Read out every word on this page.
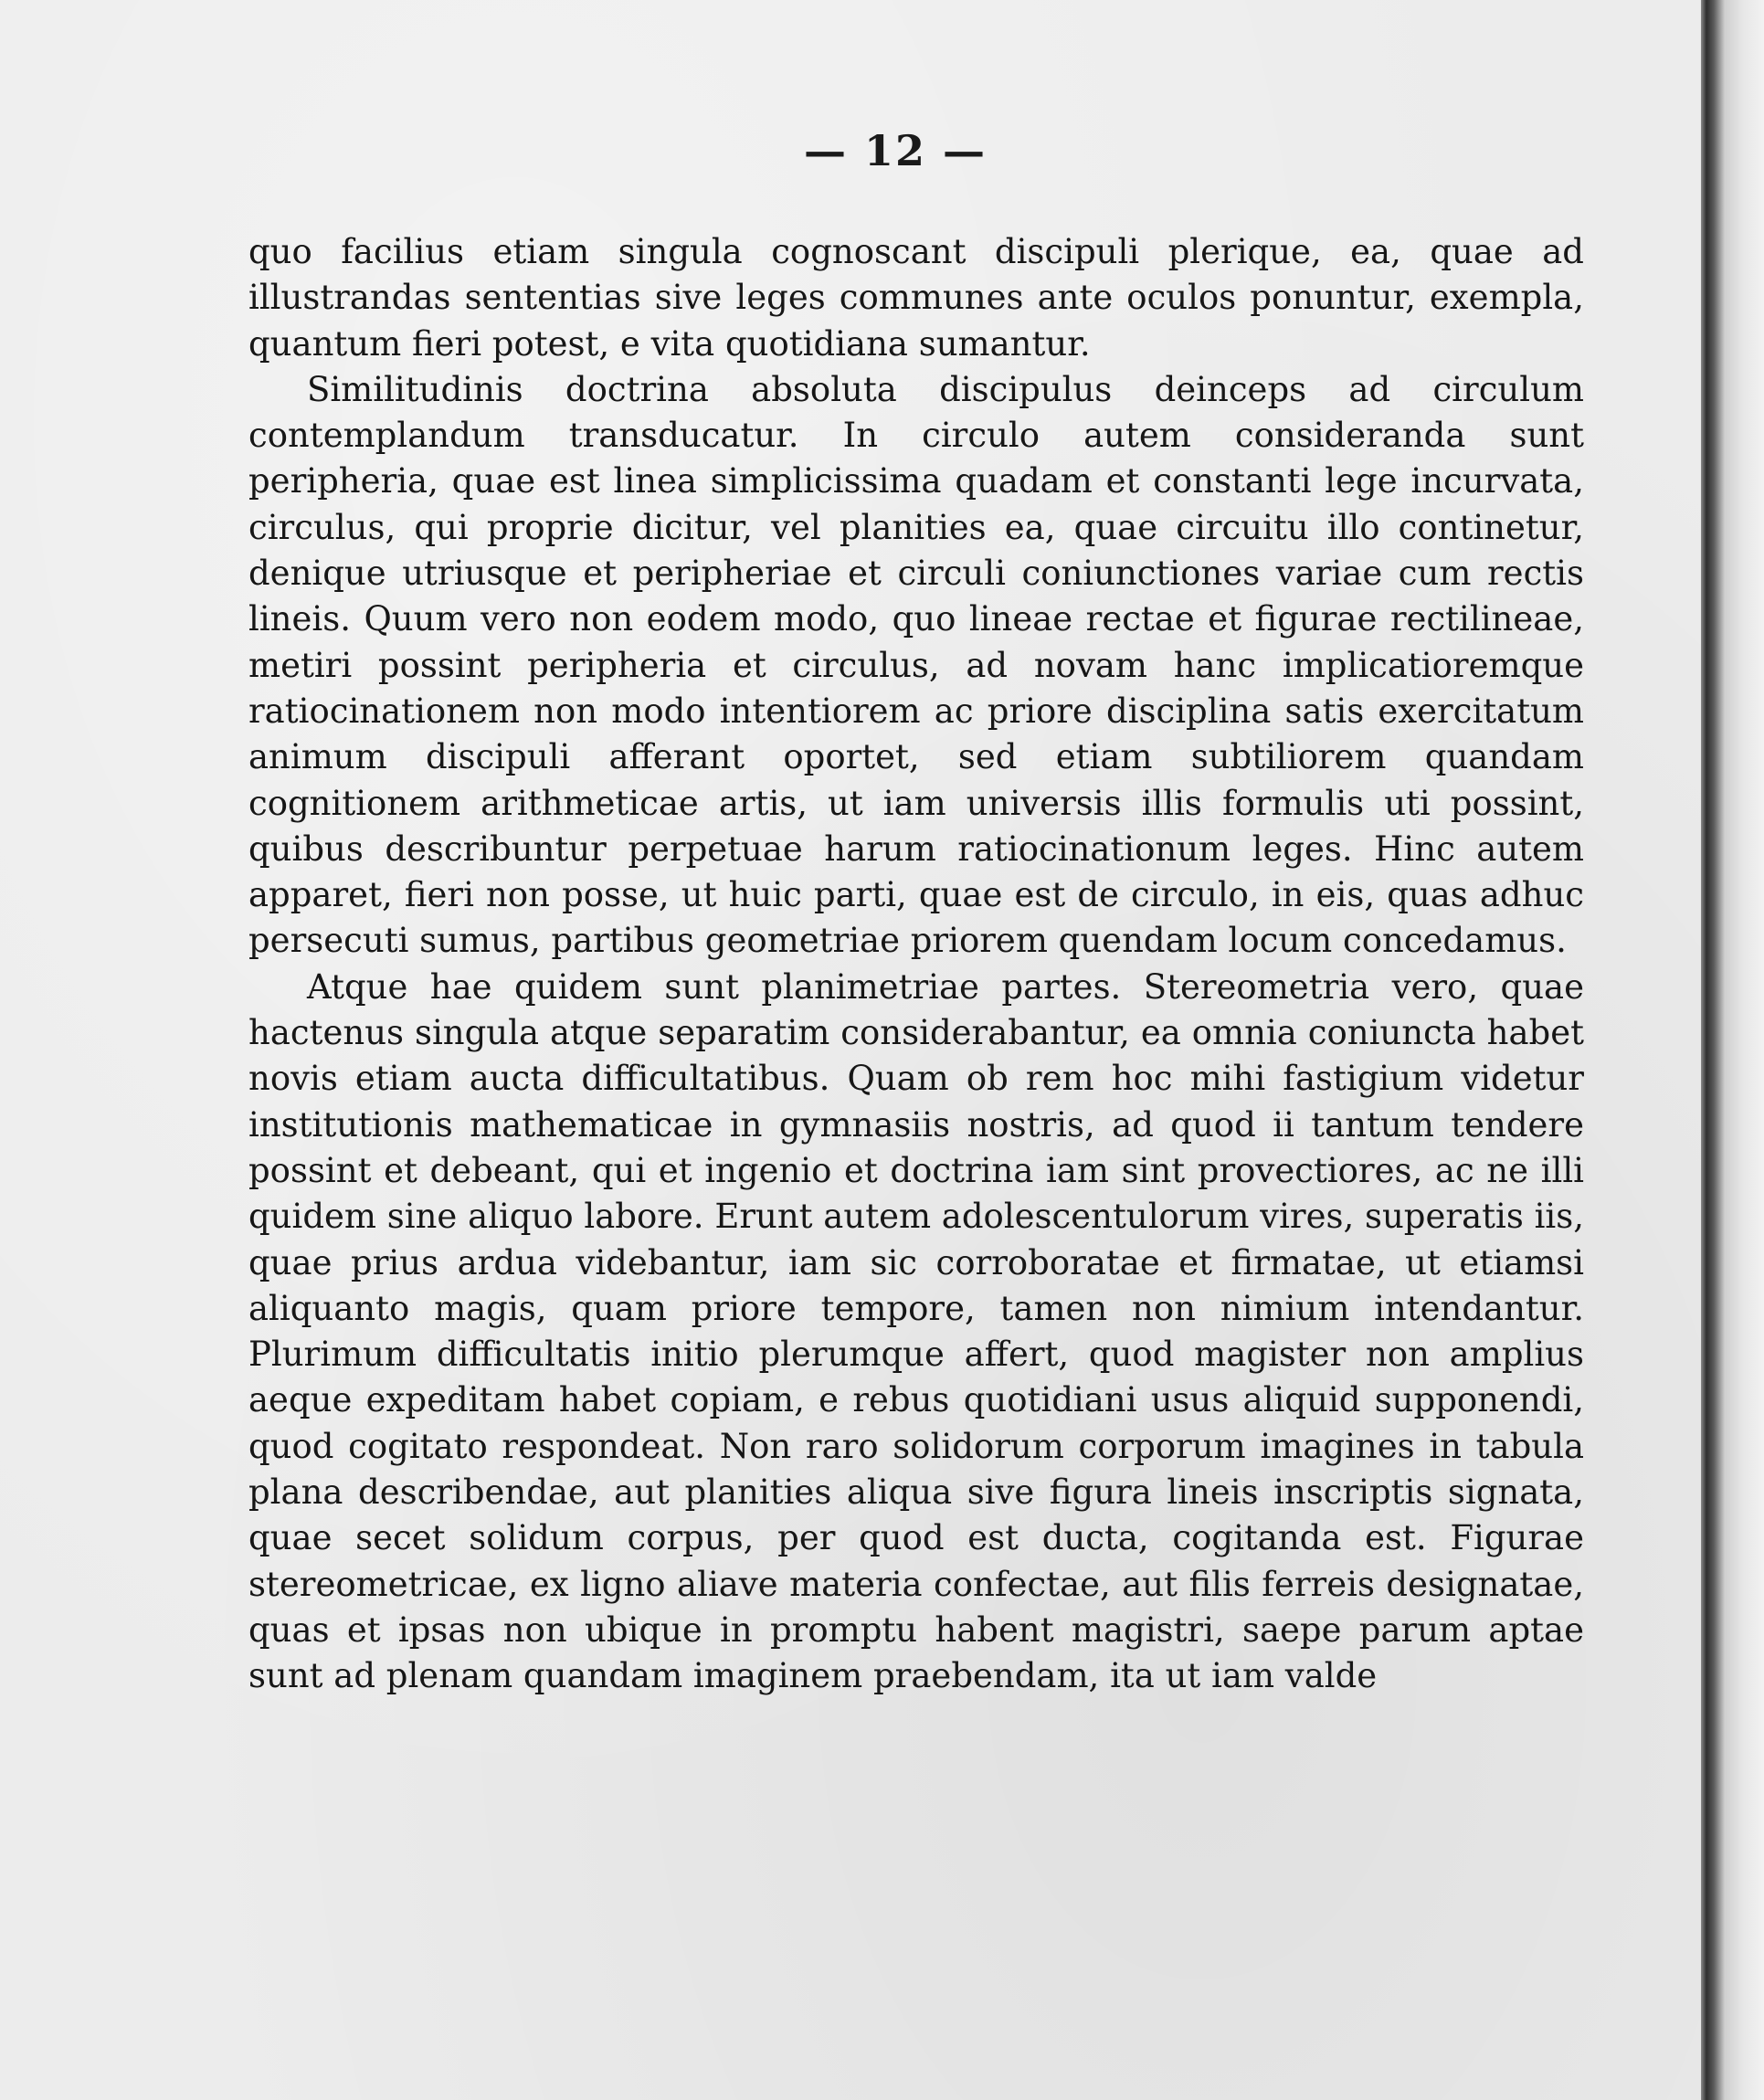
— 12 —

quo facilius etiam singula cognoscant discipuli plerique, ea, quae ad illustrandas sententias sive leges communes ante oculos ponuntur, exempla, quantum fieri potest, e vita quotidiana sumantur.

Similitudinis doctrina absoluta discipulus deinceps ad circulum contemplandum transducatur. In circulo autem consideranda sunt peripheria, quae est linea simplicissima quadam et constanti lege incurvata, circulus, qui proprie dicitur, vel planities ea, quae circuitu illo continetur, denique utriusque et peripheriae et circuli coniunctiones variae cum rectis lineis. Quum vero non eodem modo, quo lineae rectae et figurae rectilineae, metiri possint peripheria et circulus, ad novam hanc implicatioremque ratiocinationem non modo intentiorem ac priore disciplina satis exercitatum animum discipuli afferant oportet, sed etiam subtiliorem quandam cognitionem arithmeticae artis, ut iam universis illis formulis uti possint, quibus describuntur perpetuae harum ratiocinationum leges. Hinc autem apparet, fieri non posse, ut huic parti, quae est de circulo, in eis, quas adhuc persecuti sumus, partibus geometriae priorem quendam locum concedamus.

Atque hae quidem sunt planimetriae partes. Stereometria vero, quae hactenus singula atque separatim considerabantur, ea omnia coniuncta habet novis etiam aucta difficultatibus. Quam ob rem hoc mihi fastigium videtur institutionis mathematicae in gymnasiis nostris, ad quod ii tantum tendere possint et debeant, qui et ingenio et doctrina iam sint provectiores, ac ne illi quidem sine aliquo labore. Erunt autem adolescentulorum vires, superatis iis, quae prius ardua videbantur, iam sic corroboratae et firmatae, ut etiamsi aliquanto magis, quam priore tempore, tamen non nimium intendantur. Plurimum difficultatis initio plerumque affert, quod magister non amplius aeque expeditam habet copiam, e rebus quotidiani usus aliquid supponendi, quod cogitato respondeat. Non raro solidorum corporum imagines in tabula plana describendae, aut planities aliqua sive figura lineis inscriptis signata, quae secet solidum corpus, per quod est ducta, cogitanda est. Figurae stereometricae, ex ligno aliave materia confectae, aut filis ferreis designatae, quas et ipsas non ubique in promptu habent magistri, saepe parum aptae sunt ad plenam quandam imaginem praebendam, ita ut iam valde
